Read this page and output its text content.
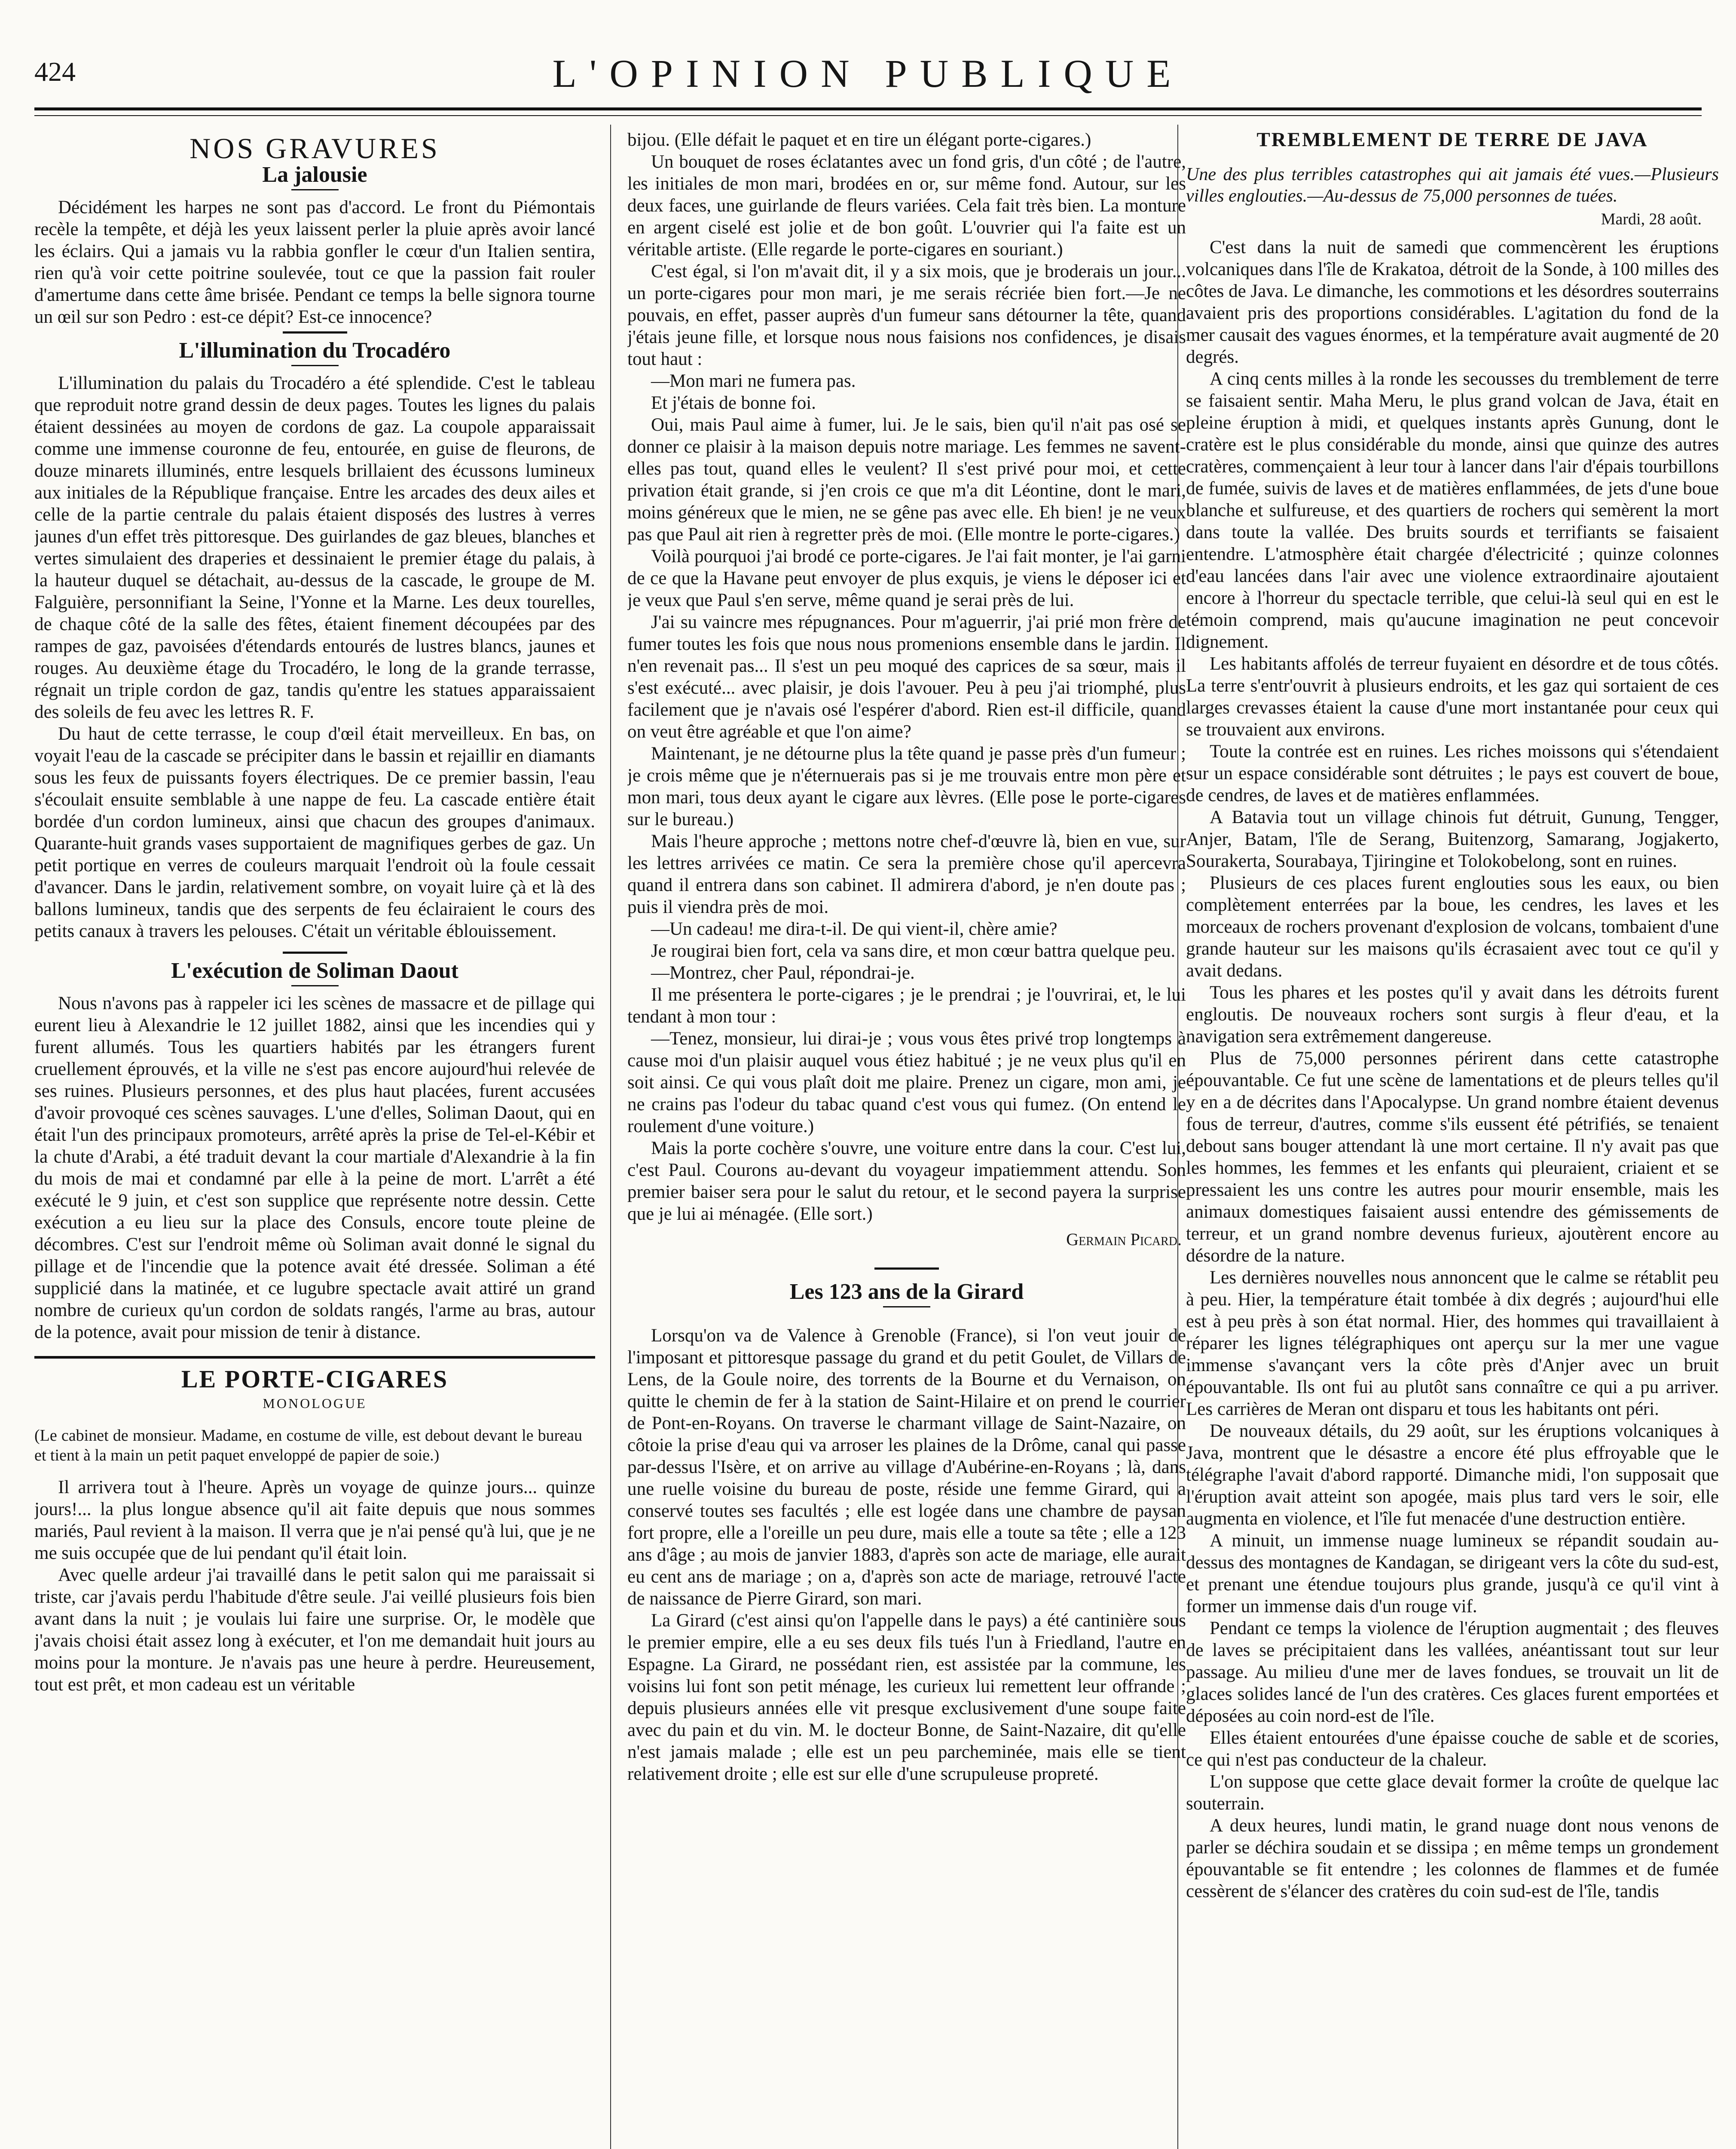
424	L'OPINION PUBLIQUE
NOS GRAVURES
La jalousie

Décidément les harpes ne sont pas d'accord. Le front du Piémontais recèle la tempête, et déjà les yeux laissent perler la pluie après avoir lancé les éclairs. Qui a jamais vu la rabbia gonfler le cœur d'un Italien sentira, rien qu'à voir cette poitrine soulevée, tout ce que la passion fait rouler d'amertume dans cette âme brisée. Pendant ce temps la belle signora tourne un œil sur son Pedro : est-ce dépit? Est-ce innocence?

L'illumination du Trocadéro

L'illumination du palais du Trocadéro a été splendide. C'est le tableau que reproduit notre grand dessin de deux pages. Toutes les lignes du palais étaient dessinées au moyen de cordons de gaz. La coupole apparaissait comme une immense couronne de feu, entourée, en guise de fleurons, de douze minarets illuminés, entre lesquels brillaient des écussons lumineux aux initiales de la République française. Entre les arcades des deux ailes et celle de la partie centrale du palais étaient disposés des lustres à verres jaunes d'un effet très pittoresque. Des guirlandes de gaz bleues, blanches et vertes simulaient des draperies et dessinaient le premier étage du palais, à la hauteur duquel se détachait, au-dessus de la cascade, le groupe de M. Falguière, personnifiant la Seine, l'Yonne et la Marne. Les deux tourelles, de chaque côté de la salle des fêtes, étaient finement découpées par des rampes de gaz, pavoisées d'étendards entourés de lustres blancs, jaunes et rouges. Au deuxième étage du Trocadéro, le long de la grande terrasse, régnait un triple cordon de gaz, tandis qu'entre les statues apparaissaient des soleils de feu avec les lettres R. F.

Du haut de cette terrasse, le coup d'œil était merveilleux. En bas, on voyait l'eau de la cascade se précipiter dans le bassin et rejaillir en diamants sous les feux de puissants foyers électriques. De ce premier bassin, l'eau s'écoulait ensuite semblable à une nappe de feu. La cascade entière était bordée d'un cordon lumineux, ainsi que chacun des groupes d'animaux. Quarante-huit grands vases supportaient de magnifiques gerbes de gaz. Un petit portique en verres de couleurs marquait l'endroit où la foule cessait d'avancer. Dans le jardin, relativement sombre, on voyait luire çà et là des ballons lumineux, tandis que des serpents de feu éclairaient le cours des petits canaux à travers les pelouses. C'était un véritable éblouissement.

L'exécution de Soliman Daout

Nous n'avons pas à rappeler ici les scènes de massacre et de pillage qui eurent lieu à Alexandrie le 12 juillet 1882, ainsi que les incendies qui y furent allumés. Tous les quartiers habités par les étrangers furent cruellement éprouvés, et la ville ne s'est pas encore aujourd'hui relevée de ses ruines. Plusieurs personnes, et des plus haut placées, furent accusées d'avoir provoqué ces scènes sauvages. L'une d'elles, Soliman Daout, qui en était l'un des principaux promoteurs, arrêté après la prise de Tel-el-Kébir et la chute d'Arabi, a été traduit devant la cour martiale d'Alexandrie à la fin du mois de mai et condamné par elle à la peine de mort. L'arrêt a été exécuté le 9 juin, et c'est son supplice que représente notre dessin. Cette exécution a eu lieu sur la place des Consuls, encore toute pleine de décombres. C'est sur l'endroit même où Soliman avait donné le signal du pillage et de l'incendie que la potence avait été dressée. Soliman a été supplicié dans la matinée, et ce lugubre spectacle avait attiré un grand nombre de curieux qu'un cordon de soldats rangés, l'arme au bras, autour de la potence, avait pour mission de tenir à distance.

LE PORTE-CIGARES
MONOLOGUE

(Le cabinet de monsieur. Madame, en costume de ville, est debout devant le bureau et tient à la main un petit paquet enveloppé de papier de soie.)

Il arrivera tout à l'heure. Après un voyage de quinze jours... quinze jours!... la plus longue absence qu'il ait faite depuis que nous sommes mariés, Paul revient à la maison. Il verra que je n'ai pensé qu'à lui, que je ne me suis occupée que de lui pendant qu'il était loin.

Avec quelle ardeur j'ai travaillé dans le petit salon qui me paraissait si triste, car j'avais perdu l'habitude d'être seule. J'ai veillé plusieurs fois bien avant dans la nuit ; je voulais lui faire une surprise. Or, le modèle que j'avais choisi était assez long à exécuter, et l'on me demandait huit jours au moins pour la monture. Je n'avais pas une heure à perdre. Heureusement, tout est prêt, et mon cadeau est un véritable

bijou. (Elle défait le paquet et en tire un élégant porte-cigares.)

Un bouquet de roses éclatantes avec un fond gris, d'un côté ; de l'autre, les initiales de mon mari, brodées en or, sur même fond. Autour, sur les deux faces, une guirlande de fleurs variées. Cela fait très bien. La monture en argent ciselé est jolie et de bon goût. L'ouvrier qui l'a faite est un véritable artiste. (Elle regarde le porte-cigares en souriant.)

C'est égal, si l'on m'avait dit, il y a six mois, que je broderais un jour... un porte-cigares pour mon mari, je me serais récriée bien fort.—Je ne pouvais, en effet, passer auprès d'un fumeur sans détourner la tête, quand j'étais jeune fille, et lorsque nous nous faisions nos confidences, je disais tout haut :

—Mon mari ne fumera pas.

Et j'étais de bonne foi.

Oui, mais Paul aime à fumer, lui. Je le sais, bien qu'il n'ait pas osé se donner ce plaisir à la maison depuis notre mariage. Les femmes ne savent-elles pas tout, quand elles le veulent? Il s'est privé pour moi, et cette privation était grande, si j'en crois ce que m'a dit Léontine, dont le mari, moins généreux que le mien, ne se gêne pas avec elle. Eh bien! je ne veux pas que Paul ait rien à regretter près de moi. (Elle montre le porte-cigares.)

Voilà pourquoi j'ai brodé ce porte-cigares. Je l'ai fait monter, je l'ai garni de ce que la Havane peut envoyer de plus exquis, je viens le déposer ici et je veux que Paul s'en serve, même quand je serai près de lui.

J'ai su vaincre mes répugnances. Pour m'aguerrir, j'ai prié mon frère de fumer toutes les fois que nous nous promenions ensemble dans le jardin. Il n'en revenait pas... Il s'est un peu moqué des caprices de sa sœur, mais il s'est exécuté... avec plaisir, je dois l'avouer. Peu à peu j'ai triomphé, plus facilement que je n'avais osé l'espérer d'abord. Rien est-il difficile, quand on veut être agréable et que l'on aime?

Maintenant, je ne détourne plus la tête quand je passe près d'un fumeur ; je crois même que je n'éternuerais pas si je me trouvais entre mon père et mon mari, tous deux ayant le cigare aux lèvres. (Elle pose le porte-cigares sur le bureau.)

Mais l'heure approche ; mettons notre chef-d'œuvre là, bien en vue, sur les lettres arrivées ce matin. Ce sera la première chose qu'il apercevra quand il entrera dans son cabinet. Il admirera d'abord, je n'en doute pas ; puis il viendra près de moi.

—Un cadeau! me dira-t-il. De qui vient-il, chère amie?

Je rougirai bien fort, cela va sans dire, et mon cœur battra quelque peu.

—Montrez, cher Paul, répondrai-je.

Il me présentera le porte-cigares ; je le prendrai ; je l'ouvrirai, et, le lui tendant à mon tour :

—Tenez, monsieur, lui dirai-je ; vous vous êtes privé trop longtemps à cause moi d'un plaisir auquel vous étiez habitué ; je ne veux plus qu'il en soit ainsi. Ce qui vous plaît doit me plaire. Prenez un cigare, mon ami, je ne crains pas l'odeur du tabac quand c'est vous qui fumez. (On entend le roulement d'une voiture.)

Mais la porte cochère s'ouvre, une voiture entre dans la cour. C'est lui, c'est Paul. Courons au-devant du voyageur impatiemment attendu. Son premier baiser sera pour le salut du retour, et le second payera la surprise que je lui ai ménagée. (Elle sort.)

Germain Picard.
Les 123 ans de la Girard

Lorsqu'on va de Valence à Grenoble (France), si l'on veut jouir de l'imposant et pittoresque passage du grand et du petit Goulet, de Villars de Lens, de la Goule noire, des torrents de la Bourne et du Vernaison, on quitte le chemin de fer à la station de Saint-Hilaire et on prend le courrier de Pont-en-Royans. On traverse le charmant village de Saint-Nazaire, on côtoie la prise d'eau qui va arroser les plaines de la Drôme, canal qui passe par-dessus l'Isère, et on arrive au village d'Aubérine-en-Royans ; là, dans une ruelle voisine du bureau de poste, réside une femme Girard, qui a conservé toutes ses facultés ; elle est logée dans une chambre de paysan fort propre, elle a l'oreille un peu dure, mais elle a toute sa tête ; elle a 123 ans d'âge ; au mois de janvier 1883, d'après son acte de mariage, elle aurait eu cent ans de mariage ; on a, d'après son acte de mariage, retrouvé l'acte de naissance de Pierre Girard, son mari.

La Girard (c'est ainsi qu'on l'appelle dans le pays) a été cantinière sous le premier empire, elle a eu ses deux fils tués l'un à Friedland, l'autre en Espagne. La Girard, ne possédant rien, est assistée par la commune, les voisins lui font son petit ménage, les curieux lui remettent leur offrande ; depuis plusieurs années elle vit presque exclusivement d'une soupe faite avec du pain et du vin. M. le docteur Bonne, de Saint-Nazaire, dit qu'elle n'est jamais malade ; elle est un peu parcheminée, mais elle se tient relativement droite ; elle est sur elle d'une scrupuleuse propreté.

TREMBLEMENT DE TERRE DE JAVA

Une des plus terribles catastrophes qui ait jamais été vues.—Plusieurs villes englouties.—Au-dessus de 75,000 personnes de tuées.

Mardi, 28 août.

C'est dans la nuit de samedi que commencèrent les éruptions volcaniques dans l'île de Krakatoa, détroit de la Sonde, à 100 milles des côtes de Java. Le dimanche, les commotions et les désordres souterrains avaient pris des proportions considérables. L'agitation du fond de la mer causait des vagues énormes, et la température avait augmenté de 20 degrés.

A cinq cents milles à la ronde les secousses du tremblement de terre se faisaient sentir. Maha Meru, le plus grand volcan de Java, était en pleine éruption à midi, et quelques instants après Gunung, dont le cratère est le plus considérable du monde, ainsi que quinze des autres cratères, commençaient à leur tour à lancer dans l'air d'épais tourbillons de fumée, suivis de laves et de matières enflammées, de jets d'une boue blanche et sulfureuse, et des quartiers de rochers qui semèrent la mort dans toute la vallée. Des bruits sourds et terrifiants se faisaient entendre. L'atmosphère était chargée d'électricité ; quinze colonnes d'eau lancées dans l'air avec une violence extraordinaire ajoutaient encore à l'horreur du spectacle terrible, que celui-là seul qui en est le témoin comprend, mais qu'aucune imagination ne peut concevoir dignement.

Les habitants affolés de terreur fuyaient en désordre et de tous côtés. La terre s'entr'ouvrit à plusieurs endroits, et les gaz qui sortaient de ces larges crevasses étaient la cause d'une mort instantanée pour ceux qui se trouvaient aux environs.

Toute la contrée est en ruines. Les riches moissons qui s'étendaient sur un espace considérable sont détruites ; le pays est couvert de boue, de cendres, de laves et de matières enflammées.

A Batavia tout un village chinois fut détruit, Gunung, Tengger, Anjer, Batam, l'île de Serang, Buitenzorg, Samarang, Jogjakerto, Sourakerta, Sourabaya, Tjiringine et Tolokobelong, sont en ruines.

Plusieurs de ces places furent englouties sous les eaux, ou bien complètement enterrées par la boue, les cendres, les laves et les morceaux de rochers provenant d'explosion de volcans, tombaient d'une grande hauteur sur les maisons qu'ils écrasaient avec tout ce qu'il y avait dedans.

Tous les phares et les postes qu'il y avait dans les détroits furent engloutis. De nouveaux rochers sont surgis à fleur d'eau, et la navigation sera extrêmement dangereuse.

Plus de 75,000 personnes périrent dans cette catastrophe épouvantable. Ce fut une scène de lamentations et de pleurs telles qu'il y en a de décrites dans l'Apocalypse. Un grand nombre étaient devenus fous de terreur, d'autres, comme s'ils eussent été pétrifiés, se tenaient debout sans bouger attendant là une mort certaine. Il n'y avait pas que les hommes, les femmes et les enfants qui pleuraient, criaient et se pressaient les uns contre les autres pour mourir ensemble, mais les animaux domestiques faisaient aussi entendre des gémissements de terreur, et un grand nombre devenus furieux, ajoutèrent encore au désordre de la nature.

Les dernières nouvelles nous annoncent que le calme se rétablit peu à peu. Hier, la température était tombée à dix degrés ; aujourd'hui elle est à peu près à son état normal. Hier, des hommes qui travaillaient à réparer les lignes télégraphiques ont aperçu sur la mer une vague immense s'avançant vers la côte près d'Anjer avec un bruit épouvantable. Ils ont fui au plutôt sans connaître ce qui a pu arriver. Les carrières de Meran ont disparu et tous les habitants ont péri.

De nouveaux détails, du 29 août, sur les éruptions volcaniques à Java, montrent que le désastre a encore été plus effroyable que le télégraphe l'avait d'abord rapporté. Dimanche midi, l'on supposait que l'éruption avait atteint son apogée, mais plus tard vers le soir, elle augmenta en violence, et l'île fut menacée d'une destruction entière.

A minuit, un immense nuage lumineux se répandit soudain au-dessus des montagnes de Kandagan, se dirigeant vers la côte du sud-est, et prenant une étendue toujours plus grande, jusqu'à ce qu'il vint à former un immense dais d'un rouge vif.

Pendant ce temps la violence de l'éruption augmentait ; des fleuves de laves se précipitaient dans les vallées, anéantissant tout sur leur passage. Au milieu d'une mer de laves fondues, se trouvait un lit de glaces solides lancé de l'un des cratères. Ces glaces furent emportées et déposées au coin nord-est de l'île.

Elles étaient entourées d'une épaisse couche de sable et de scories, ce qui n'est pas conducteur de la chaleur.

L'on suppose que cette glace devait former la croûte de quelque lac souterrain.

A deux heures, lundi matin, le grand nuage dont nous venons de parler se déchira soudain et se dissipa ; en même temps un grondement épouvantable se fit entendre ; les colonnes de flammes et de fumée cessèrent de s'élancer des cratères du coin sud-est de l'île, tandis
